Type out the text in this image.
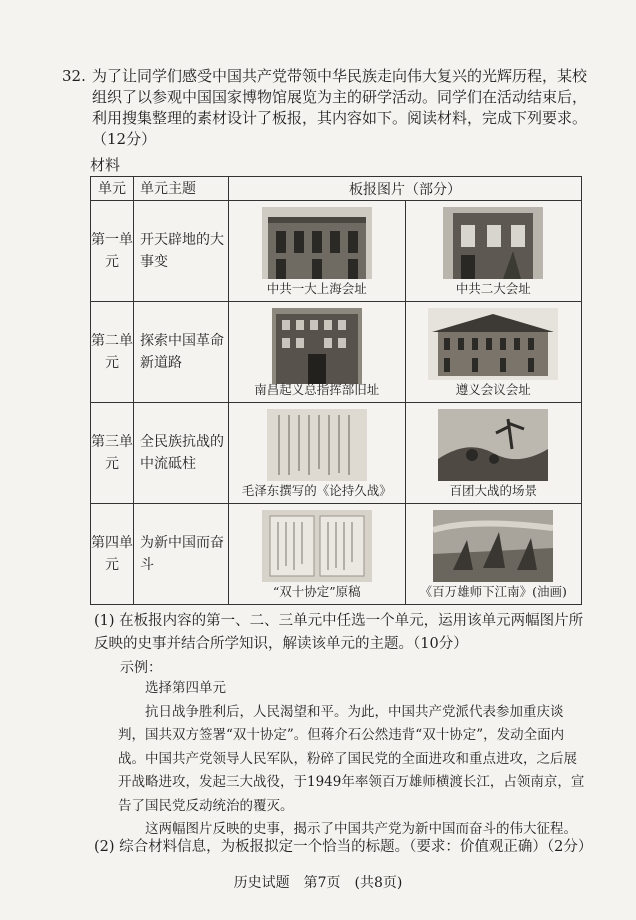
32. 为了让同学们感受中国共产党带领中华民族走向伟大复兴的光辉历程，某校组织了以参观中国国家博物馆展览为主的研学活动。同学们在活动结束后，利用搜集整理的素材设计了板报，其内容如下。阅读材料，完成下列要求。（12分）
材料
单元	单元主题	板报图片（部分）	
第一单元	开天辟地的大事变	中共一大上海会址	中共二大会址

第二单元	探索中国革命新道路	南昌起义总指挥部旧址	遵义会议会址

第三单元	全民族抗战的中流砥柱	毛泽东撰写的《论持久战》	百团大战的场景

第四单元	为新中国而奋斗	“双十协定”原稿	《百万雄师下江南》(油画)
(1) 在板报内容的第一、二、三单元中任选一个单元，运用该单元两幅图片所反映的史事并结合所学知识，解读该单元的主题。（10分）
示例：

选择第四单元

抗日战争胜利后，人民渴望和平。为此，中国共产党派代表参加重庆谈判，国共双方签署“双十协定”。但蒋介石公然违背“双十协定”，发动全面内战。中国共产党领导人民军队，粉碎了国民党的全面进攻和重点进攻，之后展开战略进攻，发起三大战役，于1949年率领百万雄师横渡长江，占领南京，宣告了国民党反动统治的覆灭。

这两幅图片反映的史事，揭示了中国共产党为新中国而奋斗的伟大征程。

(2) 综合材料信息，为板报拟定一个恰当的标题。（要求：价值观正确）（2分）
历史试题　第7页　(共8页)
